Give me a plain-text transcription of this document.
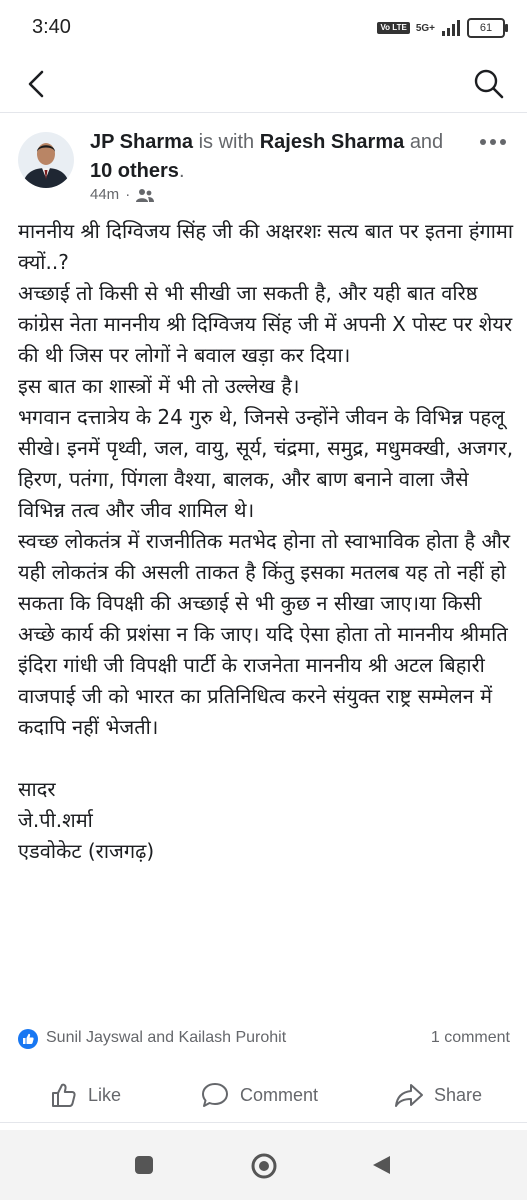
3:40	Vo LTE 5G+	61
JP Sharma is with Rajesh Sharma and 10 others.
44m ·

माननीय श्री दिग्विजय सिंह जी की अक्षरशः सत्य बात पर इतना हंगामा क्यों..?

अच्छाई तो किसी से भी सीखी जा सकती है, और यही बात वरिष्ठ कांग्रेस नेता माननीय श्री दिग्विजय सिंह जी में अपनी X पोस्ट पर शेयर की थी जिस पर लोगों ने बवाल खड़ा कर दिया।

इस बात का शास्त्रों में भी तो उल्लेख है।

भगवान दत्तात्रेय के 24 गुरु थे, जिनसे उन्होंने जीवन के विभिन्न पहलू सीखे। इनमें पृथ्वी, जल, वायु, सूर्य, चंद्रमा, समुद्र, मधुमक्खी, अजगर, हिरण, पतंगा, पिंगला वैश्या, बालक, और बाण बनाने वाला जैसे विभिन्न तत्व और जीव शामिल थे।

स्वच्छ लोकतंत्र में राजनीतिक मतभेद होना तो स्वाभाविक होता है और यही लोकतंत्र की असली ताकत है किंतु इसका मतलब यह तो नहीं हो सकता कि विपक्षी की अच्छाई से भी कुछ न सीखा जाए।या किसी अच्छे कार्य की प्रशंसा न कि जाए। यदि ऐसा होता तो माननीय श्रीमति इंदिरा गांधी जी विपक्षी पार्टी के राजनेता माननीय श्री अटल बिहारी वाजपाई जी को भारत का प्रतिनिधित्व करने संयुक्त राष्ट्र सम्मेलन में कदापि नहीं भेजती।

सादर

जे.पी.शर्मा

एडवोकेट (राजगढ़)

Sunil Jayswal and Kailash Purohit	1 comment
Like	Comment	Share
